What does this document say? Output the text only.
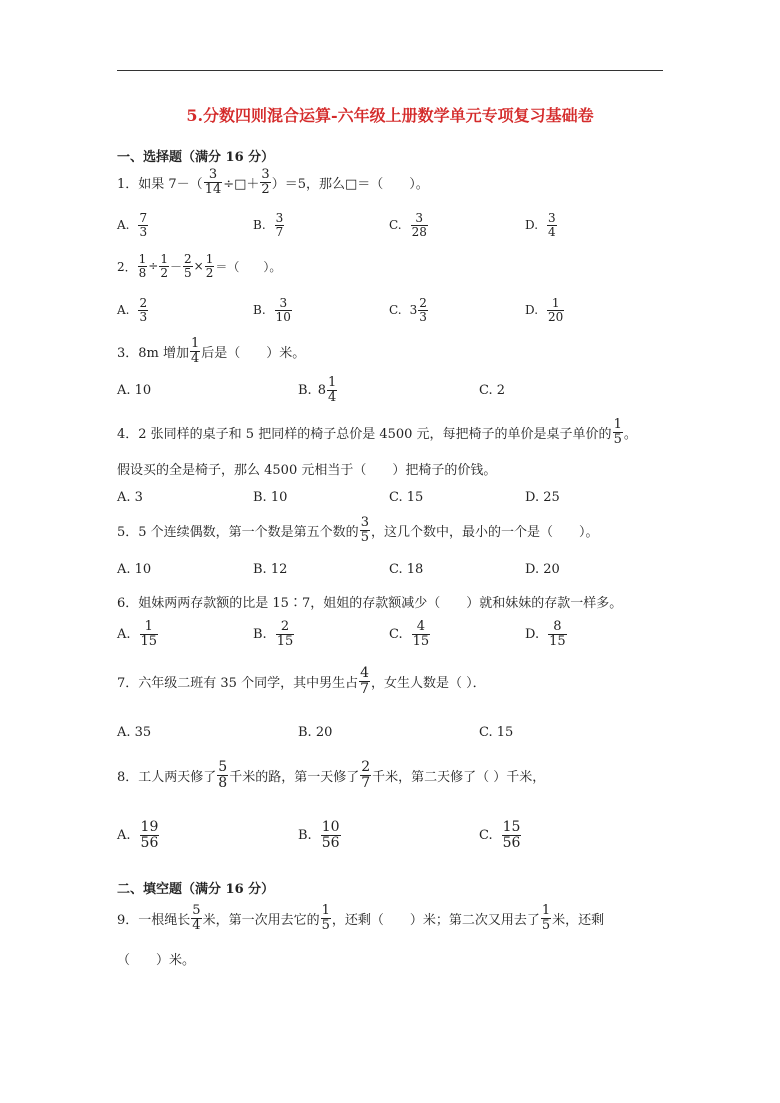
5.分数四则混合运算-六年级上册数学单元专项复习基础卷
一、选择题（满分 16 分）
1．如果 $7-( \frac{3}{14}$ ÷□＋ $\frac{3}{2} )=5$，那么□＝（　　）。
A. $\frac{7}{3}$	B. $\frac{3}{7}$	C. $\frac{3}{28}$	D. $\frac{3}{4}$
2． $\frac{1}{8} \div \frac{1}{2} - \frac{2}{5} \times \frac{1}{2}$ ＝（　　）。
A. $\frac{2}{3}$	B. $\frac{3}{10}$	C. $3 \frac{2}{3}$	D. $\frac{1}{20}$
3．8m 增加 $\frac{1}{4}$ 后是（　　）米。
A. 10	B. $8 \frac{1}{4}$	C. 2
4．2 张同样的桌子和 5 把同样的椅子总价是 4500 元，每把椅子的单价是桌子单价的 $\frac{1}{5}$ 。
假设买的全是椅子，那么 4500 元相当于（　　）把椅子的价钱。
A. 3	B. 10	C. 15	D. 25
5．5 个连续偶数，第一个数是第五个数的 $\frac{3}{5}$ ，这几个数中，最小的一个是（　　）。
A. 10	B. 12	C. 18	D. 20
6．姐妹两两存款额的比是 15∶7，姐姐的存款额减少（　　）就和妹妹的存款一样多。
A. $\frac{1}{15}$	B. $\frac{2}{15}$	C. $\frac{4}{15}$	D. $\frac{8}{15}$
7．六年级二班有 35 个同学，其中男生占 $\frac{4}{7}$ ，女生人数是（ ）．
A. 35	B. 20	C. 15
8．工人两天修了 $\frac{5}{8}$ 千米的路，第一天修了 $\frac{2}{7}$ 千米，第二天修了（ ）千米，
A. $\frac{19}{56}$	B. $\frac{10}{56}$	C. $\frac{15}{56}$
二、填空题（满分 16 分）
9．一根绳长 $\frac{5}{4}$ 米，第一次用去它的 $\frac{1}{5}$ ，还剩（　　）米；第二次又用去了 $\frac{1}{5}$ 米，还剩
（　　）米。
